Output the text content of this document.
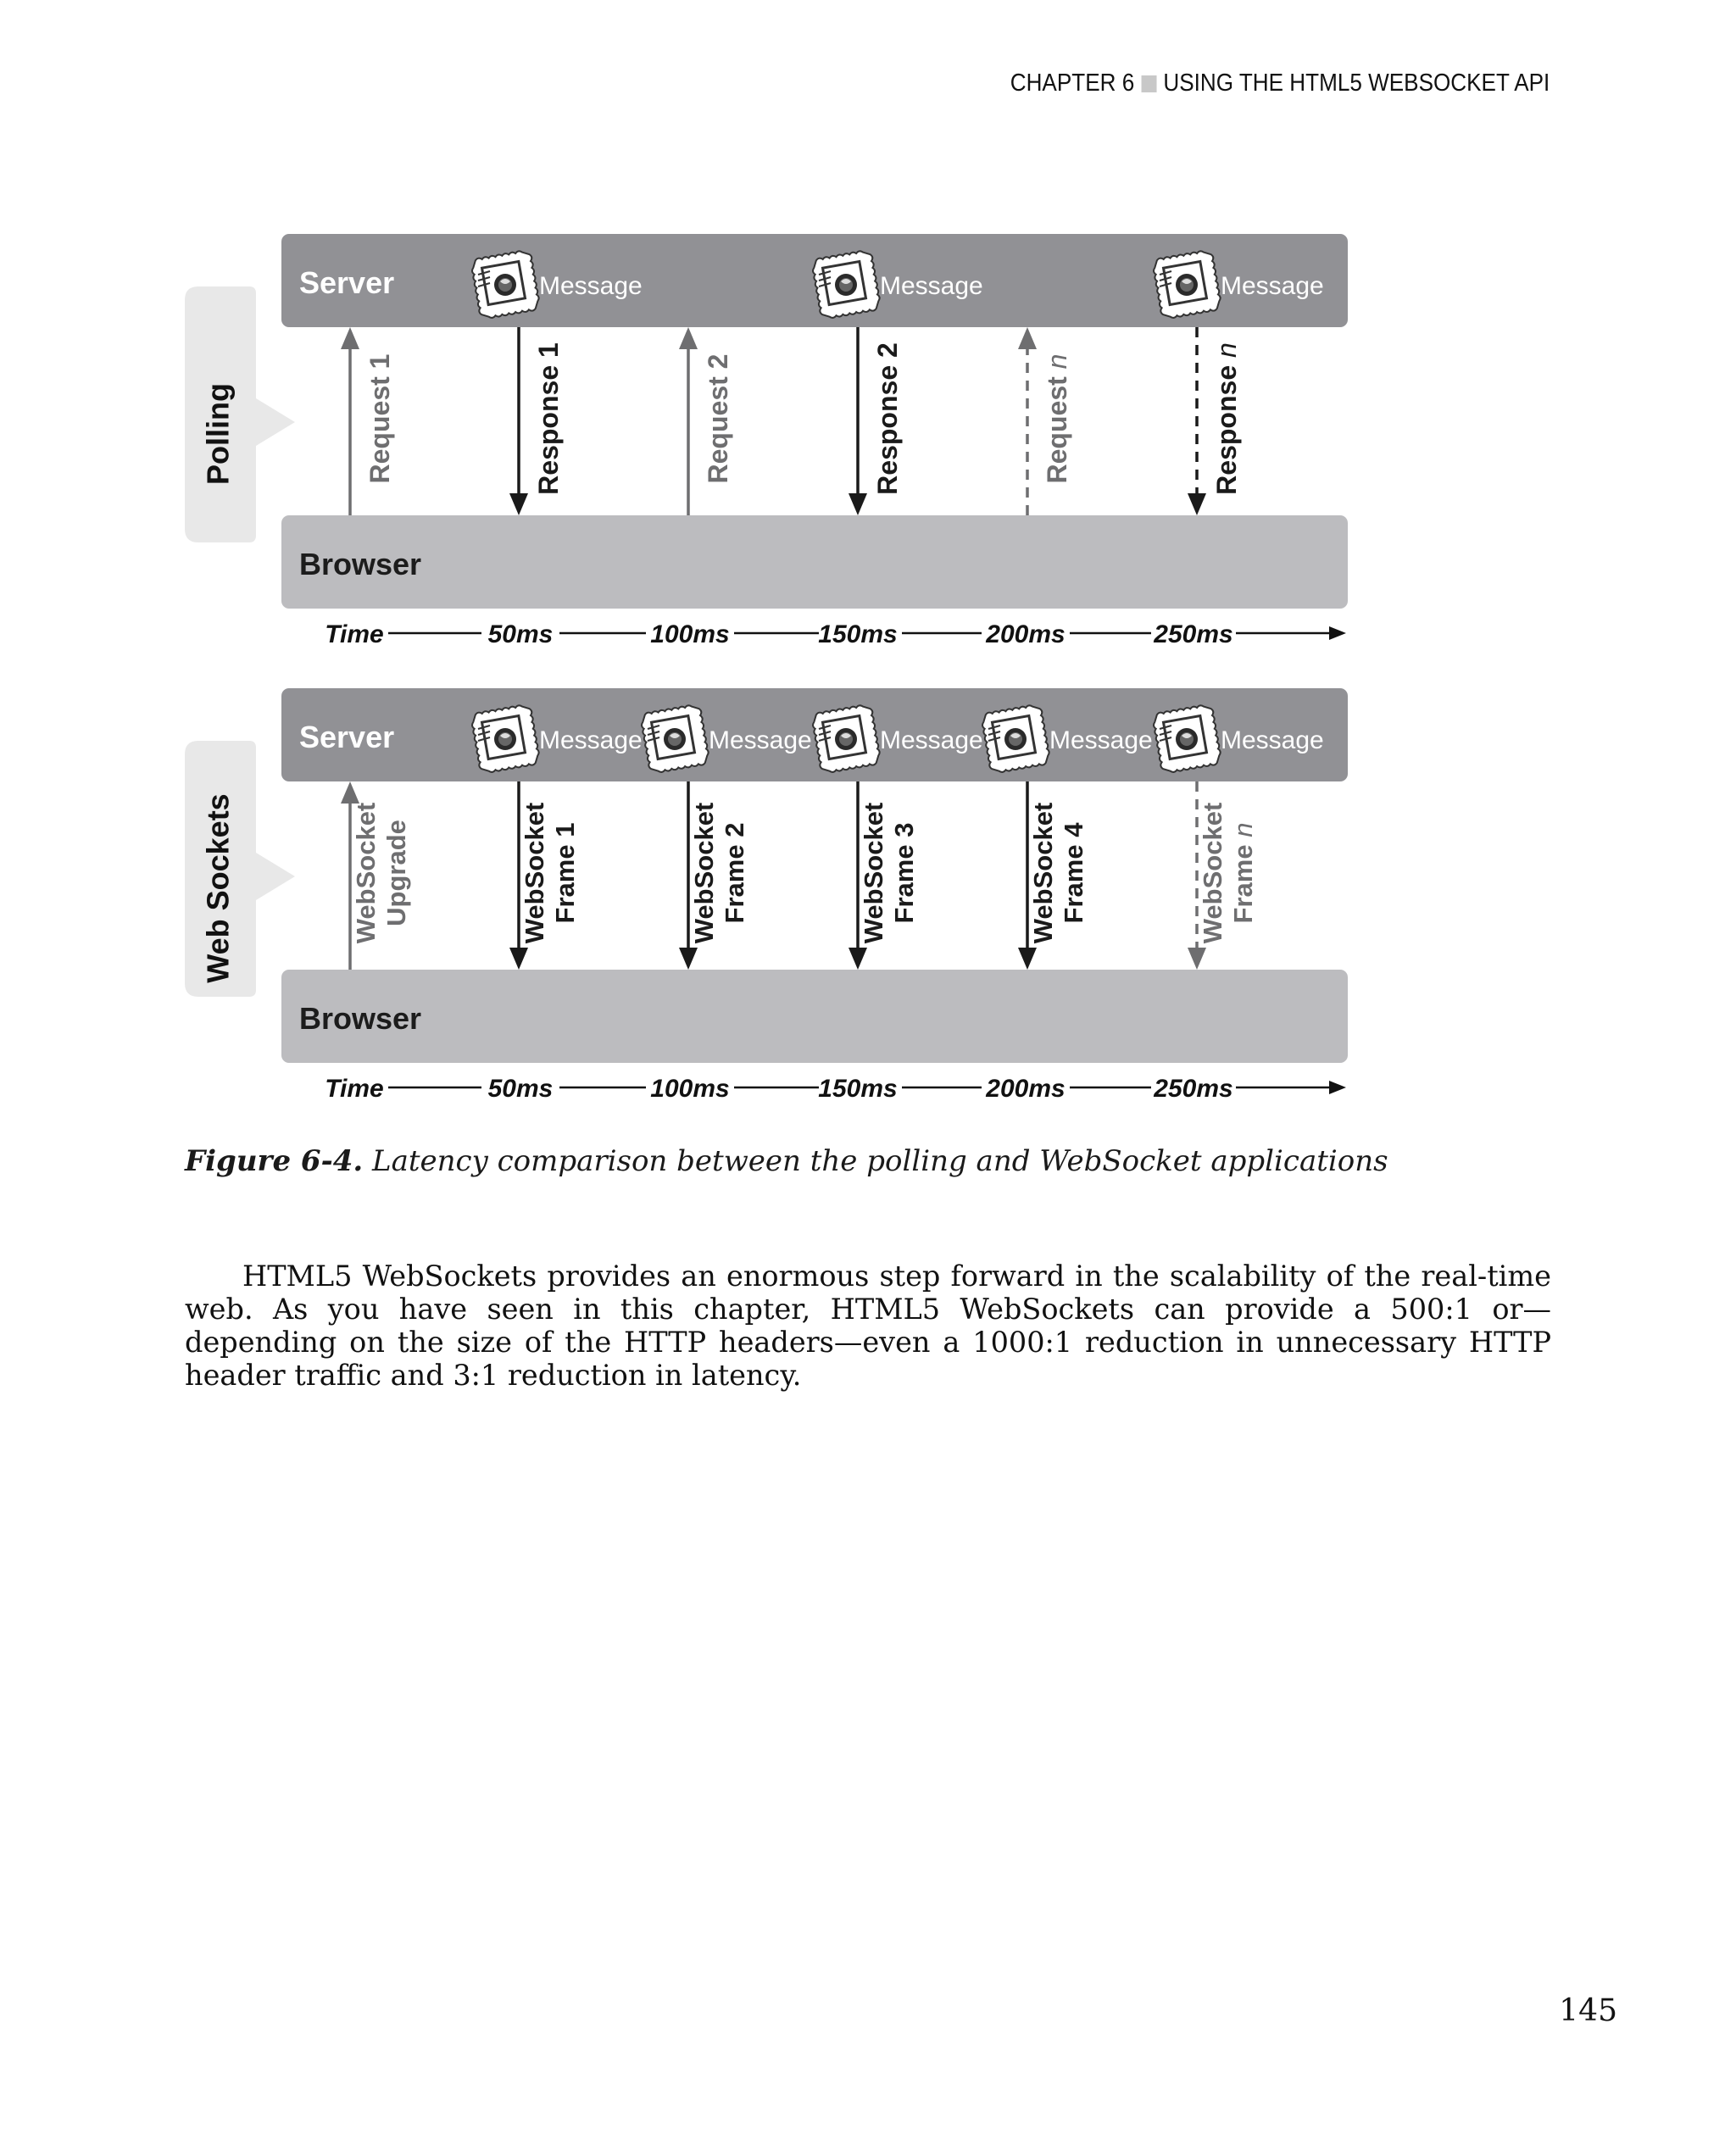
CHAPTER 6 USING THE HTML5 WEBSOCKET API
Polling
Server	Message	Message	Message
Browser
Request 1	Response 1	Request 2	Response 2	Request n	Response n
Time	50ms	100ms	150ms	200ms	250ms
Web Sockets
Server	Message	Message	Message	Message	Message
Browser
WebSocket Upgrade	WebSocket Frame 1	WebSocket Frame 2	WebSocket Frame 3	WebSocket Frame 4	WebSocket Frame n
Time	50ms	100ms	150ms	200ms	250ms
Figure 6-4. Latency comparison between the polling and WebSocket applications

HTML5 WebSockets provides an enormous step forward in the scalability of the real-time web. As you have seen in this chapter, HTML5 WebSockets can provide a 500:1 or—depending on the size of the HTTP headers—even a 1000:1 reduction in unnecessary HTTP header traffic and 3:1 reduction in latency.

145
